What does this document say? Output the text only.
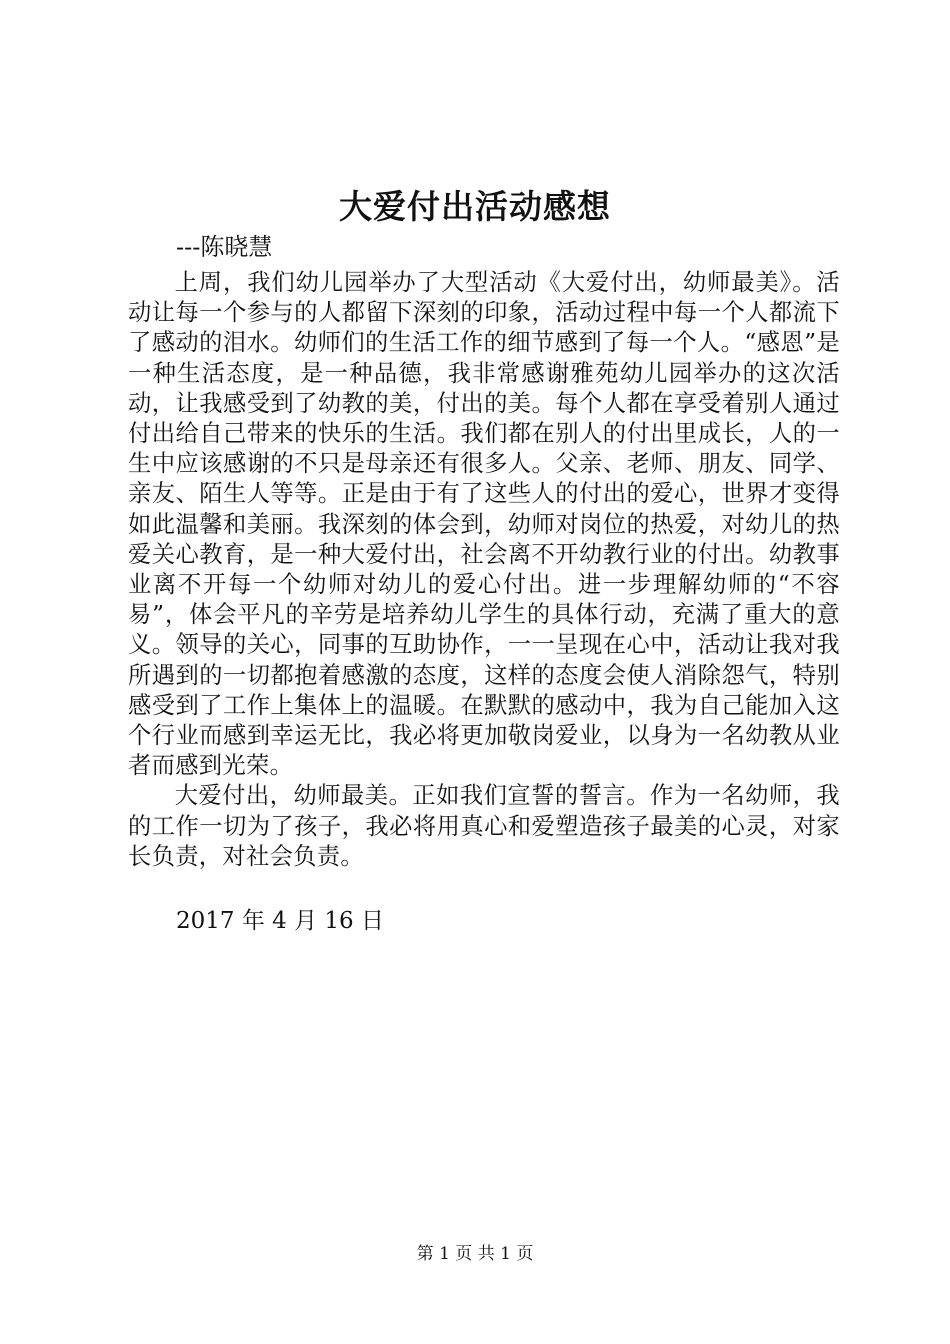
大爱付出活动感想
---陈晓慧

上周，我们幼儿园举办了大型活动《大爱付出，幼师最美》。活动让每一个参与的人都留下深刻的印象，活动过程中每一个人都流下了感动的泪水。幼师们的生活工作的细节感到了每一个人。“感恩”是一种生活态度，是一种品德，我非常感谢雅苑幼儿园举办的这次活动，让我感受到了幼教的美，付出的美。每个人都在享受着别人通过付出给自己带来的快乐的生活。我们都在别人的付出里成长，人的一生中应该感谢的不只是母亲还有很多人。父亲、老师、朋友、同学、亲友、陌生人等等。正是由于有了这些人的付出的爱心，世界才变得如此温馨和美丽。我深刻的体会到，幼师对岗位的热爱，对幼儿的热爱关心教育，是一种大爱付出，社会离不开幼教行业的付出。幼教事业离不开每一个幼师对幼儿的爱心付出。进一步理解幼师的“不容易”，体会平凡的辛劳是培养幼儿学生的具体行动，充满了重大的意义。领导的关心，同事的互助协作，一一呈现在心中，活动让我对我所遇到的一切都抱着感激的态度，这样的态度会使人消除怨气，特别感受到了工作上集体上的温暖。在默默的感动中，我为自己能加入这个行业而感到幸运无比，我必将更加敬岗爱业，以身为一名幼教从业者而感到光荣。

大爱付出，幼师最美。正如我们宣誓的誓言。作为一名幼师，我的工作一切为了孩子，我必将用真心和爱塑造孩子最美的心灵，对家长负责，对社会负责。

2017 年 4 月 16 日
第 1 页 共 1 页
